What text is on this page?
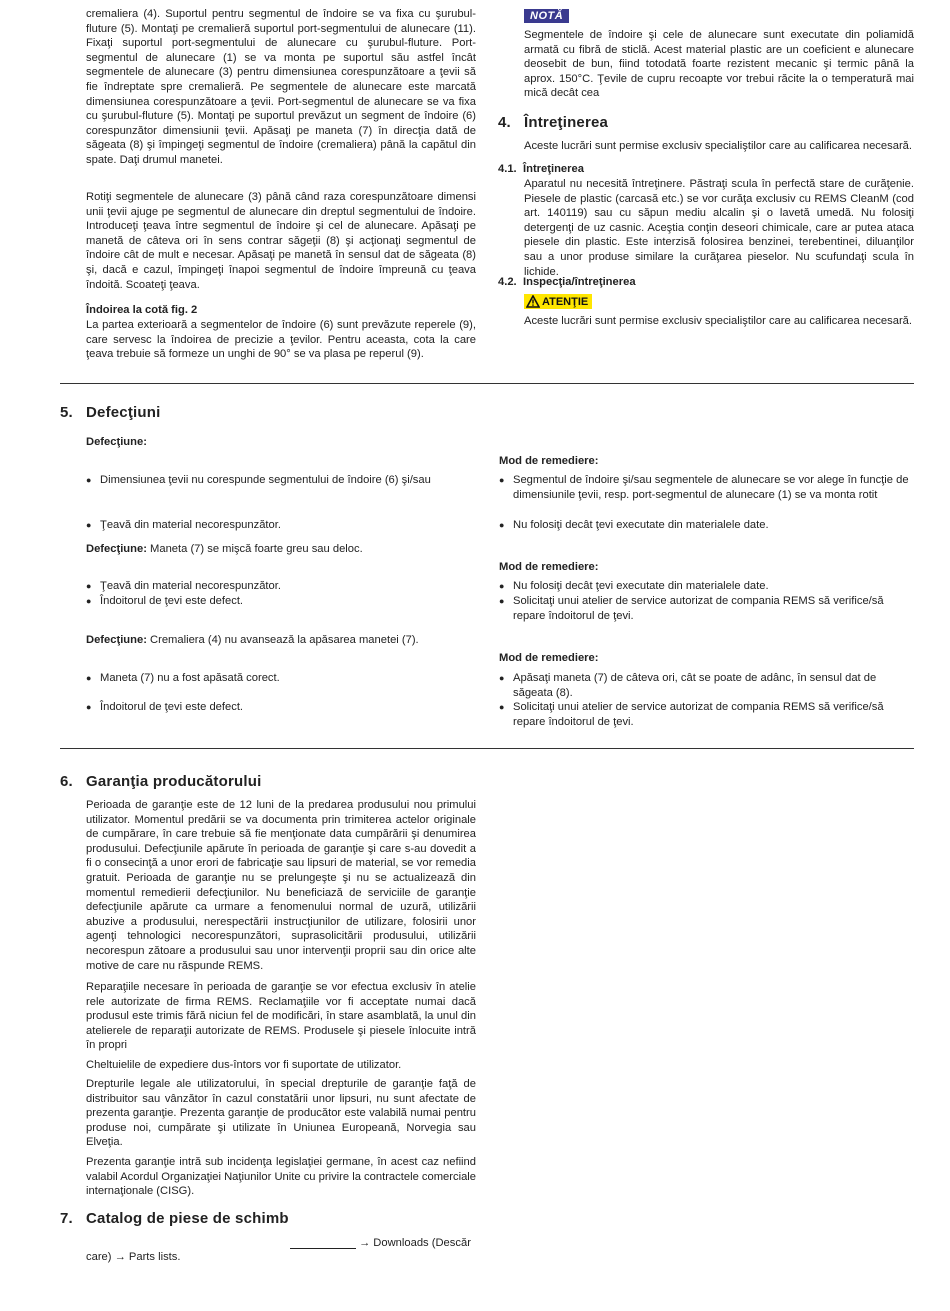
cremaliera (4). Suportul pentru segmentul de îndoire se va fixa cu şurubul-fluture (5). Montaţi pe cremalieră suportul port-segmentului de alunecare (11). Fixaţi suportul port-segmentului de alunecare cu şurubul-fluture. Port-segmentul de alunecare (1) se va monta pe suportul său astfel încât segmentele de alunecare (3) pentru dimensiunea corespunzătoare a ţevii să fie îndreptate spre cremalieră. Pe segmentele de alunecare este marcată dimensiunea corespunzătoare a ţevii. Port-segmentul de alunecare se va fixa cu şurubul-fluture (5). Montaţi pe suportul prevăzut un segment de îndoire (6) corespunzător dimensiunii ţevii. Apăsaţi pe maneta (7) în direcţia dată de săgeata (8) şi împingeţi segmentul de îndoire (cremaliera) până la capătul din spate. Daţi drumul manetei.

Rotiţi segmentele de alunecare (3) până când raza corespunzătoare dimensi unii ţevii ajuge pe segmentul de alunecare din dreptul segmentului de îndoire. Introduceţi ţeava între segmentul de îndoire şi cel de alunecare. Apăsaţi pe manetă de câteva ori în sens contrar săgeţii (8) şi acţionaţi segmentul de îndoire cât de mult e necesar. Apăsaţi pe manetă în sensul dat de săgeata (8) şi, dacă e cazul, împingeţi înapoi segmentul de îndoire împreună cu ţeava îndoită. Scoateţi ţeava.

Îndoirea la cotă fig. 2

La partea exterioară a segmentelor de îndoire (6) sunt prevăzute reperele (9), care servesc la îndoirea de precizie a ţevilor. Pentru aceasta, cota la care ţeava trebuie să formeze un unghi de 90° se va plasa pe reperul (9).

NOTĂ

Segmentele de îndoire şi cele de alunecare sunt executate din poliamidă armată cu fibră de sticlă. Acest material plastic are un coeficient e alunecare deosebit de bun, fiind totodată foarte rezistent mecanic şi termic până la aprox. 150°C. Ţevile de cupru recoapte vor trebui răcite la o temperatură mai mică decât cea

4. Întreţinerea
Aceste lucrări sunt permise exclusiv specialiştilor care au calificarea necesară.
4.1. Întreţinerea

Aparatul nu necesită întreţinere. Păstraţi scula în perfectă stare de curăţenie. Piesele de plastic (carcasă etc.) se vor curăţa exclusiv cu REMS CleanM (cod art. 140119) sau cu săpun mediu alcalin şi o lavetă umedă. Nu folosiţi detergenţi de uz casnic. Aceştia conţin deseori chimicale, care ar putea ataca piesele din plastic. Este interzisă folosirea benzinei, terebentinei, diluanţilor sau a unor produse similare la curăţarea pieselor. Nu scufundaţi scula în lichide.

4.2. Inspecţia/întreţinerea
ATENŢIE
Aceste lucrări sunt permise exclusiv specialiştilor care au calificarea necesară.
5. Defecţiuni
Defecţiune:
Mod de remediere:
● Dimensiunea ţevii nu corespunde segmentului de îndoire (6) şi/sau	● Segmentul de îndoire şi/sau segmentele de alunecare se vor alege în funcţie de dimensiunile ţevii, resp. port-segmentul de alunecare (1) se va monta rotit
● Ţeavă din material necorespunzător.	● Nu folosiţi decât ţevi executate din materialele date.
Defecţiune: Maneta (7) se mişcă foarte greu sau deloc.
Mod de remediere:
● Ţeavă din material necorespunzător.
● Îndoitorul de ţevi este defect.
● Nu folosiţi decât ţevi executate din materialele date.
● Solicitaţi unui atelier de service autorizat de compania REMS să verifice/să repare îndoitorul de ţevi.
Defecţiune: Cremaliera (4) nu avansează la apăsarea manetei (7).
Mod de remediere:
● Maneta (7) nu a fost apăsată corect.
● Îndoitorul de ţevi este defect.
● Apăsaţi maneta (7) de câteva ori, cât se poate de adânc, în sensul dat de săgeata (8).
● Solicitaţi unui atelier de service autorizat de compania REMS să verifice/să repare îndoitorul de ţevi.
6. Garanţia producătorului

Perioada de garanţie este de 12 luni de la predarea produsului nou primului utilizator. Momentul predării se va documenta prin trimiterea actelor originale de cumpărare, în care trebuie să fie menţionate data cumpărării şi denumirea produsului. Defecţiunile apărute în perioada de garanţie şi care s-au dovedit a fi o consecinţă a unor erori de fabricaţie sau lipsuri de material, se vor remedia gratuit. Perioada de garanţie nu se prelungeşte şi nu se actualizează din momentul remedierii defecţiunilor. Nu beneficiază de serviciile de garanţie defecţiunile apărute ca urmare a fenomenului normal de uzură, utilizării abuzive a produsului, nerespectării instrucţiunilor de utilizare, folosirii unor agenţi tehnologici necorespunzători, suprasolicitării produsului, utilizării necorespun zătoare a produsului sau unor intervenţii proprii sau din orice alte motive de care nu răspunde REMS.

Reparaţiile necesare în perioada de garanţie se vor efectua exclusiv în atelie rele autorizate de firma REMS. Reclamaţiile vor fi acceptate numai dacă produsul este trimis fără niciun fel de modificări, în stare asamblată, la unul din atelierele de reparaţii autorizate de REMS. Produsele şi piesele înlocuite intră în propri

Cheltuielile de expediere dus-întors vor fi suportate de utilizator.

Drepturile legale ale utilizatorului, în special drepturile de garanţie faţă de distribuitor sau vânzător în cazul constatării unor lipsuri, nu sunt afectate de prezenta garanţie. Prezenta garanţie de producător este valabilă numai pentru produse noi, cumpărate şi utilizate în Uniunea Europeană, Norvegia sau Elveţia.

Prezenta garanţie intră sub incidenţa legislaţiei germane, în acest caz nefiind valabil Acordul Organizaţiei Naţiunilor Unite cu privire la contractele comerciale internaţionale (CISG).

7. Catalog de piese de schimb
→ Downloads (Descăr
care) → Parts lists.
